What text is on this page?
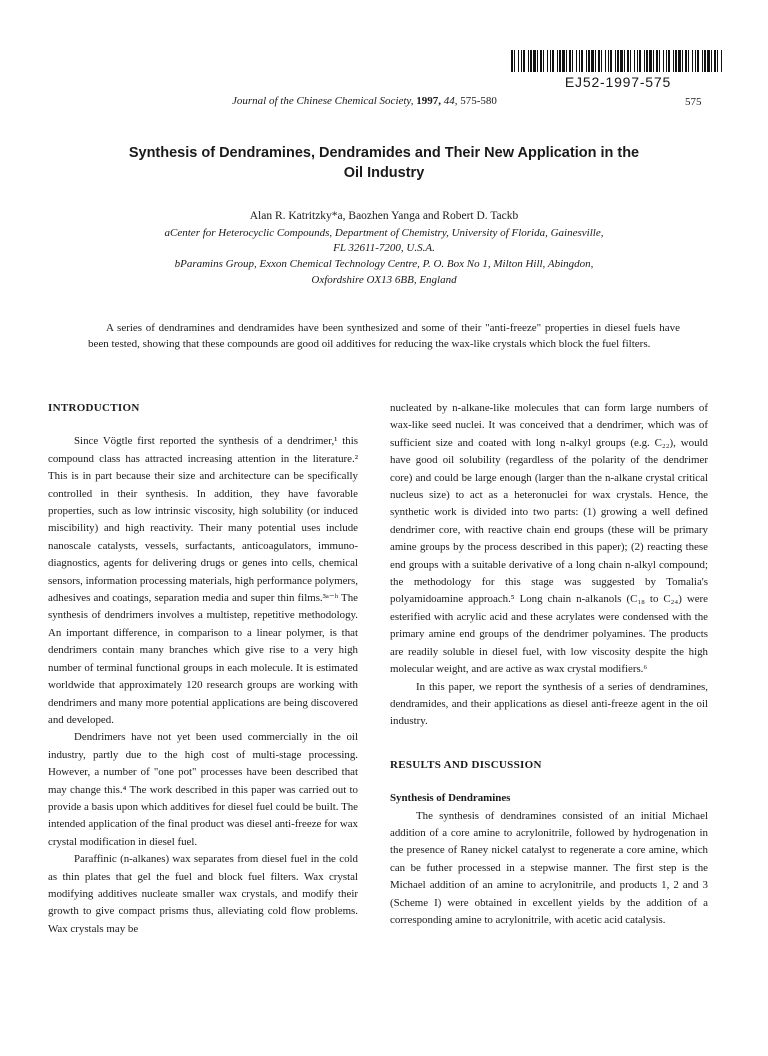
EJ52-1997-575
Journal of the Chinese Chemical Society, 1997, 44, 575-580	575
Synthesis of Dendramines, Dendramides and Their New Application in the
Oil Industry
Alan R. Katritzky*a, Baozhen Yanga and Robert D. Tackb
aCenter for Heterocyclic Compounds, Department of Chemistry, University of Florida, Gainesville,
FL 32611-7200, U.S.A.
bParamins Group, Exxon Chemical Technology Centre, P. O. Box No 1, Milton Hill, Abingdon,
Oxfordshire OX13 6BB, England

A series of dendramines and dendramides have been synthesized and some of their "anti-freeze" properties in diesel fuels have been tested, showing that these compounds are good oil additives for reducing the wax-like crystals which block the fuel filters.

INTRODUCTION

Since Vögtle first reported the synthesis of a dendrimer,¹ this compound class has attracted increasing attention in the literature.² This is in part because their size and architecture can be specifically controlled in their synthesis. In addition, they have favorable properties, such as low intrinsic viscosity, high solubility (or induced miscibility) and high reactivity. Their many potential uses include nanoscale catalysts, vessels, surfactants, anticoagulators, immuno-diagnostics, agents for delivering drugs or genes into cells, chemical sensors, information processing materials, high performance polymers, adhesives and coatings, separation media and super thin films.³ᵃ⁻ʰ The synthesis of dendrimers involves a multistep, repetitive methodology. An important difference, in comparison to a linear polymer, is that dendrimers contain many branches which give rise to a very high number of terminal functional groups in each molecule. It is estimated worldwide that approximately 120 research groups are working with dendrimers and many more potential applications are being discovered and developed.

Dendrimers have not yet been used commercially in the oil industry, partly due to the high cost of multi-stage processing. However, a number of "one pot" processes have been described that may change this.⁴ The work described in this paper was carried out to provide a basis upon which additives for diesel fuel could be built. The intended application of the final product was diesel anti-freeze for wax crystal modification in diesel fuel.

Paraffinic (n-alkanes) wax separates from diesel fuel in the cold as thin plates that gel the fuel and block fuel filters. Wax crystal modifying additives nucleate smaller wax crystals, and modify their growth to give compact prisms thus, alleviating cold flow problems. Wax crystals may be

nucleated by n-alkane-like molecules that can form large numbers of wax-like seed nuclei. It was conceived that a dendrimer, which was of sufficient size and coated with long n-alkyl groups (e.g. C₂₂), would have good oil solubility (regardless of the polarity of the dendrimer core) and could be large enough (larger than the n-alkane crystal critical nucleus size) to act as a heteronuclei for wax crystals. Hence, the synthetic work is divided into two parts: (1) growing a well defined dendrimer core, with reactive chain end groups (these will be primary amine groups by the process described in this paper); (2) reacting these end groups with a suitable derivative of a long chain n-alkyl compound; the methodology for this stage was suggested by Tomalia's polyamidoamine approach.⁵ Long chain n-alkanols (C₁₈ to C₂₄) were esterified with acrylic acid and these acrylates were condensed with the primary amine end groups of the dendrimer polyamines. The products are readily soluble in diesel fuel, with low viscosity despite the high molecular weight, and are active as wax crystal modifiers.⁶

In this paper, we report the synthesis of a series of dendramines, dendramides, and their applications as diesel anti-freeze agent in the oil industry.

RESULTS AND DISCUSSION
Synthesis of Dendramines

The synthesis of dendramines consisted of an initial Michael addition of a core amine to acrylonitrile, followed by hydrogenation in the presence of Raney nickel catalyst to regenerate a core amine, which can be futher processed in a stepwise manner. The first step is the Michael addition of an amine to acrylonitrile, and products 1, 2 and 3 (Scheme I) were obtained in excellent yields by the addition of a corresponding amine to acrylonitrile, with acetic acid catalysis.
